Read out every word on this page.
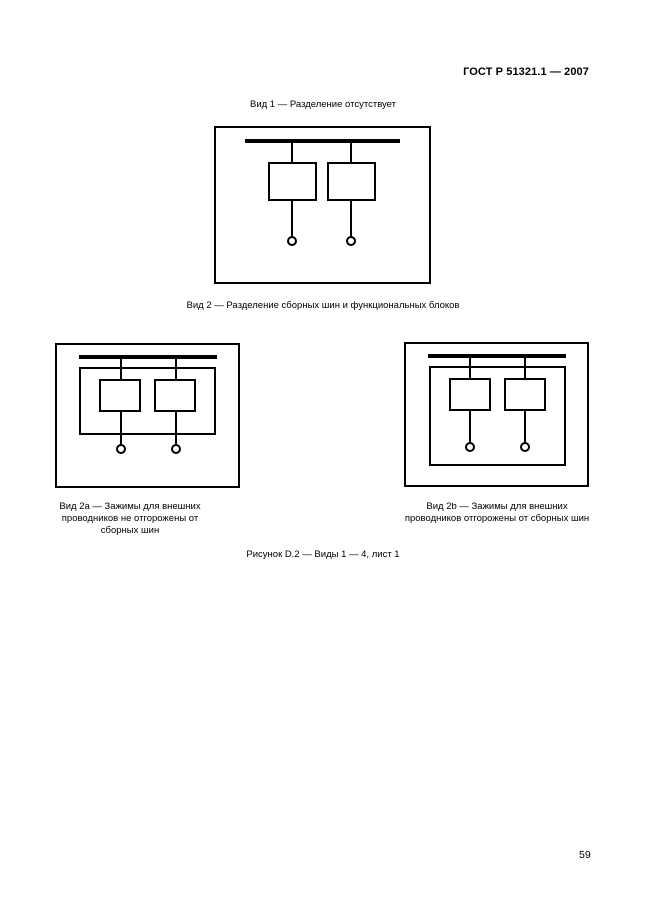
ГОСТ Р 51321.1 — 2007
Вид 1 — Разделение отсутствует
Вид 2 — Разделение сборных шин и функциональных блоков
Вид 2a — Зажимы для внешних проводников не отгорожены от сборных шин
Вид 2b — Зажимы для внешних проводников отгорожены от сборных шин
Рисунок D.2 — Виды 1 — 4, лист 1
59
